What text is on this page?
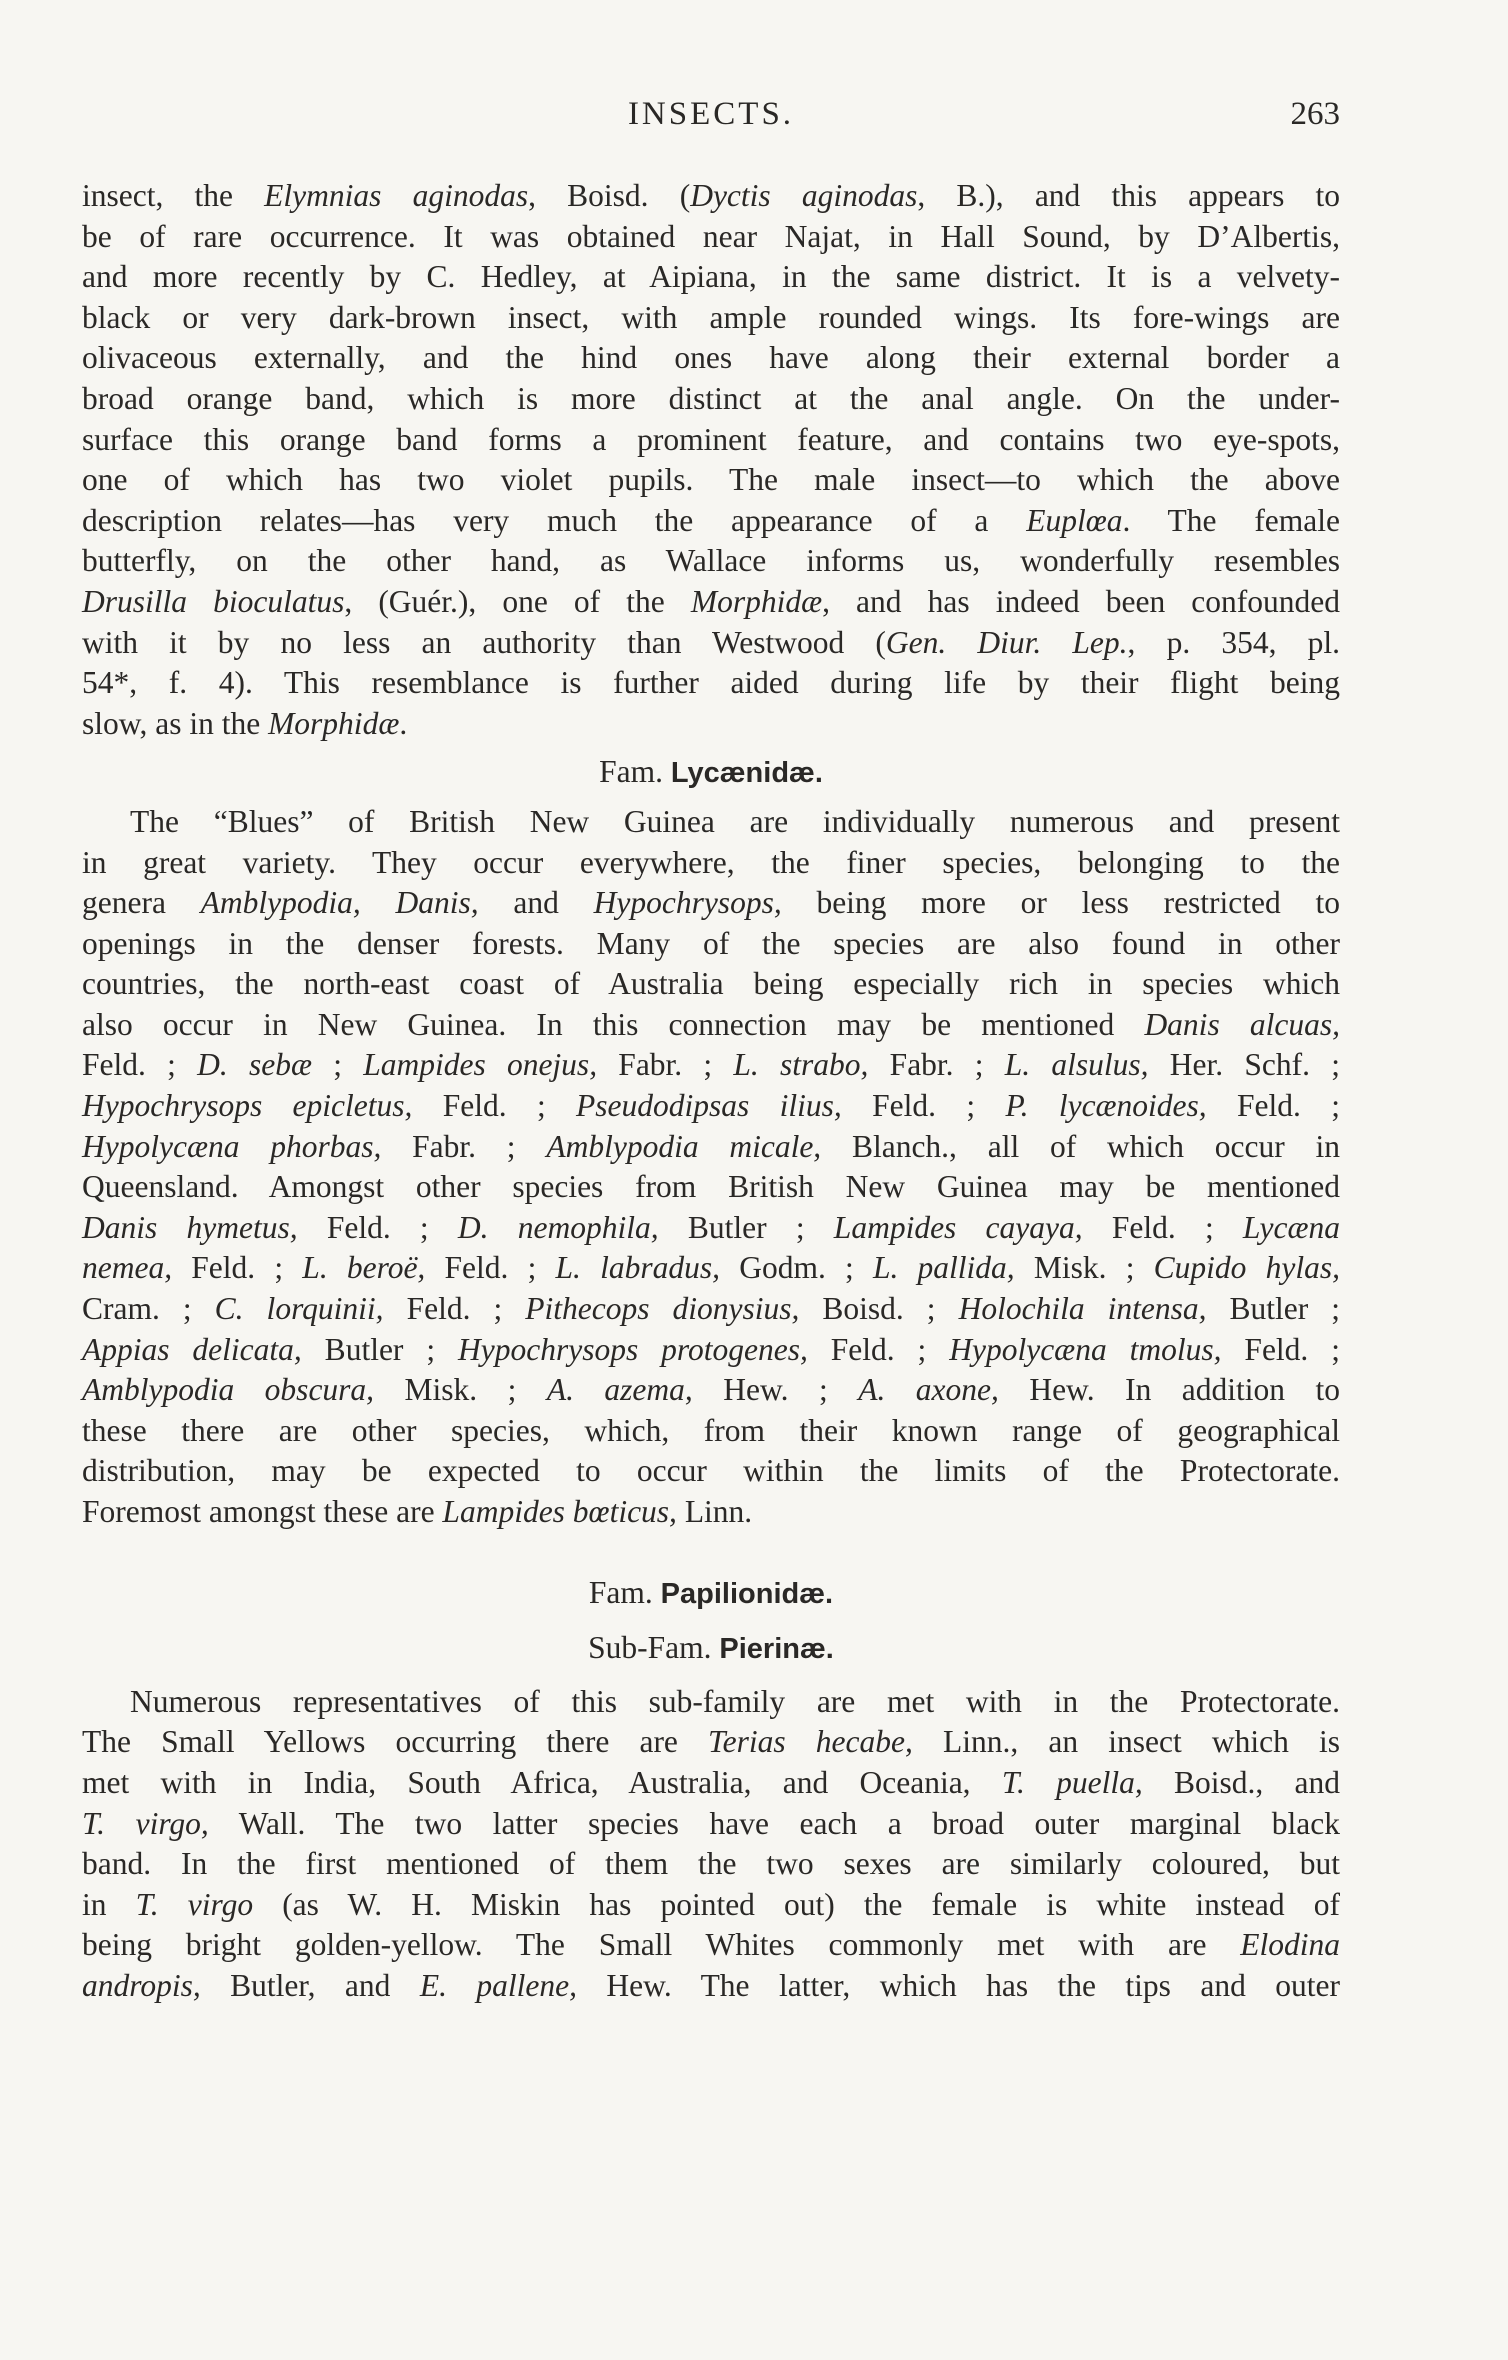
INSECTS.	263

insect, the Elymnias aginodas, Boisd. (Dyctis aginodas, B.), and this appears to

be of rare occurrence. It was obtained near Najat, in Hall Sound, by D’Albertis,

and more recently by C. Hedley, at Aipiana, in the same district. It is a velvety-

black or very dark-brown insect, with ample rounded wings. Its fore-wings are

olivaceous externally, and the hind ones have along their external border a

broad orange band, which is more distinct at the anal angle. On the under-

surface this orange band forms a prominent feature, and contains two eye-spots,

one of which has two violet pupils. The male insect—to which the above

description relates—has very much the appearance of a Euplœa. The female

butterfly, on the other hand, as Wallace informs us, wonderfully resembles

Drusilla bioculatus, (Guér.), one of the Morphidæ, and has indeed been confounded

with it by no less an authority than Westwood (Gen. Diur. Lep., p. 354, pl.

54*, f. 4). This resemblance is further aided during life by their flight being

slow, as in the Morphidæ.

Fam. Lycænidæ.

The “Blues” of British New Guinea are individually numerous and present

in great variety. They occur everywhere, the finer species, belonging to the

genera Amblypodia, Danis, and Hypochrysops, being more or less restricted to

openings in the denser forests. Many of the species are also found in other

countries, the north-east coast of Australia being especially rich in species which

also occur in New Guinea. In this connection may be mentioned Danis alcuas,

Feld. ; D. sebæ ; Lampides onejus, Fabr. ; L. strabo, Fabr. ; L. alsulus, Her. Schf. ;

Hypochrysops epicletus, Feld. ; Pseudodipsas ilius, Feld. ; P. lycænoides, Feld. ;

Hypolycæna phorbas, Fabr. ; Amblypodia micale, Blanch., all of which occur in

Queensland. Amongst other species from British New Guinea may be mentioned

Danis hymetus, Feld. ; D. nemophila, Butler ; Lampides cayaya, Feld. ; Lycæna

nemea, Feld. ; L. beroë, Feld. ; L. labradus, Godm. ; L. pallida, Misk. ; Cupido hylas,

Cram. ; C. lorquinii, Feld. ; Pithecops dionysius, Boisd. ; Holochila intensa, Butler ;

Appias delicata, Butler ; Hypochrysops protogenes, Feld. ; Hypolycæna tmolus, Feld. ;

Amblypodia obscura, Misk. ; A. azema, Hew. ; A. axone, Hew. In addition to

these there are other species, which, from their known range of geographical

distribution, may be expected to occur within the limits of the Protectorate.

Foremost amongst these are Lampides bœticus, Linn.

Fam. Papilionidæ.
Sub-Fam. Pierinæ.

Numerous representatives of this sub-family are met with in the Protectorate.

The Small Yellows occurring there are Terias hecabe, Linn., an insect which is

met with in India, South Africa, Australia, and Oceania, T. puella, Boisd., and

T. virgo, Wall. The two latter species have each a broad outer marginal black

band. In the first mentioned of them the two sexes are similarly coloured, but

in T. virgo (as W. H. Miskin has pointed out) the female is white instead of

being bright golden-yellow. The Small Whites commonly met with are Elodina

andropis, Butler, and E. pallene, Hew. The latter, which has the tips and outer
